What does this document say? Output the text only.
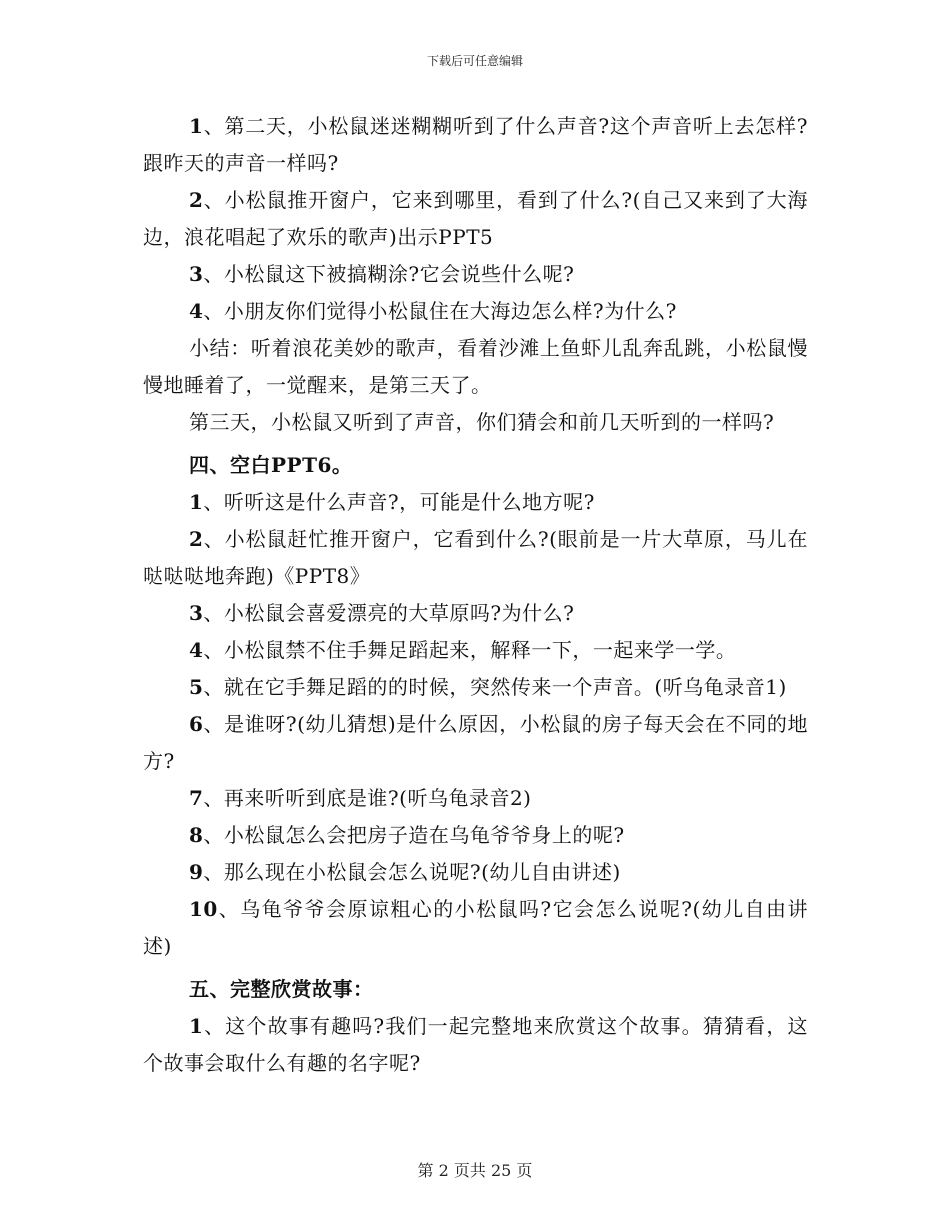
下载后可任意编辑

1、第二天，小松鼠迷迷糊糊听到了什么声音?这个声音听上去怎样?跟昨天的声音一样吗?

2、小松鼠推开窗户，它来到哪里，看到了什么?(自己又来到了大海边，浪花唱起了欢乐的歌声)出示PPT5

3、小松鼠这下被搞糊涂?它会说些什么呢?

4、小朋友你们觉得小松鼠住在大海边怎么样?为什么?

小结：听着浪花美妙的歌声，看着沙滩上鱼虾儿乱奔乱跳，小松鼠慢慢地睡着了，一觉醒来，是第三天了。

第三天，小松鼠又听到了声音，你们猜会和前几天听到的一样吗?

四、空白PPT6。

1、听听这是什么声音?，可能是什么地方呢?

2、小松鼠赶忙推开窗户，它看到什么?(眼前是一片大草原，马儿在哒哒哒地奔跑)《PPT8》

3、小松鼠会喜爱漂亮的大草原吗?为什么?

4、小松鼠禁不住手舞足蹈起来，解释一下，一起来学一学。

5、就在它手舞足蹈的的时候，突然传来一个声音。(听乌龟录音1)

6、是谁呀?(幼儿猜想)是什么原因，小松鼠的房子每天会在不同的地方?

7、再来听听到底是谁?(听乌龟录音2)

8、小松鼠怎么会把房子造在乌龟爷爷身上的呢?

9、那么现在小松鼠会怎么说呢?(幼儿自由讲述)

10、乌龟爷爷会原谅粗心的小松鼠吗?它会怎么说呢?(幼儿自由讲述)

五、完整欣赏故事：

1、这个故事有趣吗?我们一起完整地来欣赏这个故事。猜猜看，这个故事会取什么有趣的名字呢?

第 2 页共 25 页
